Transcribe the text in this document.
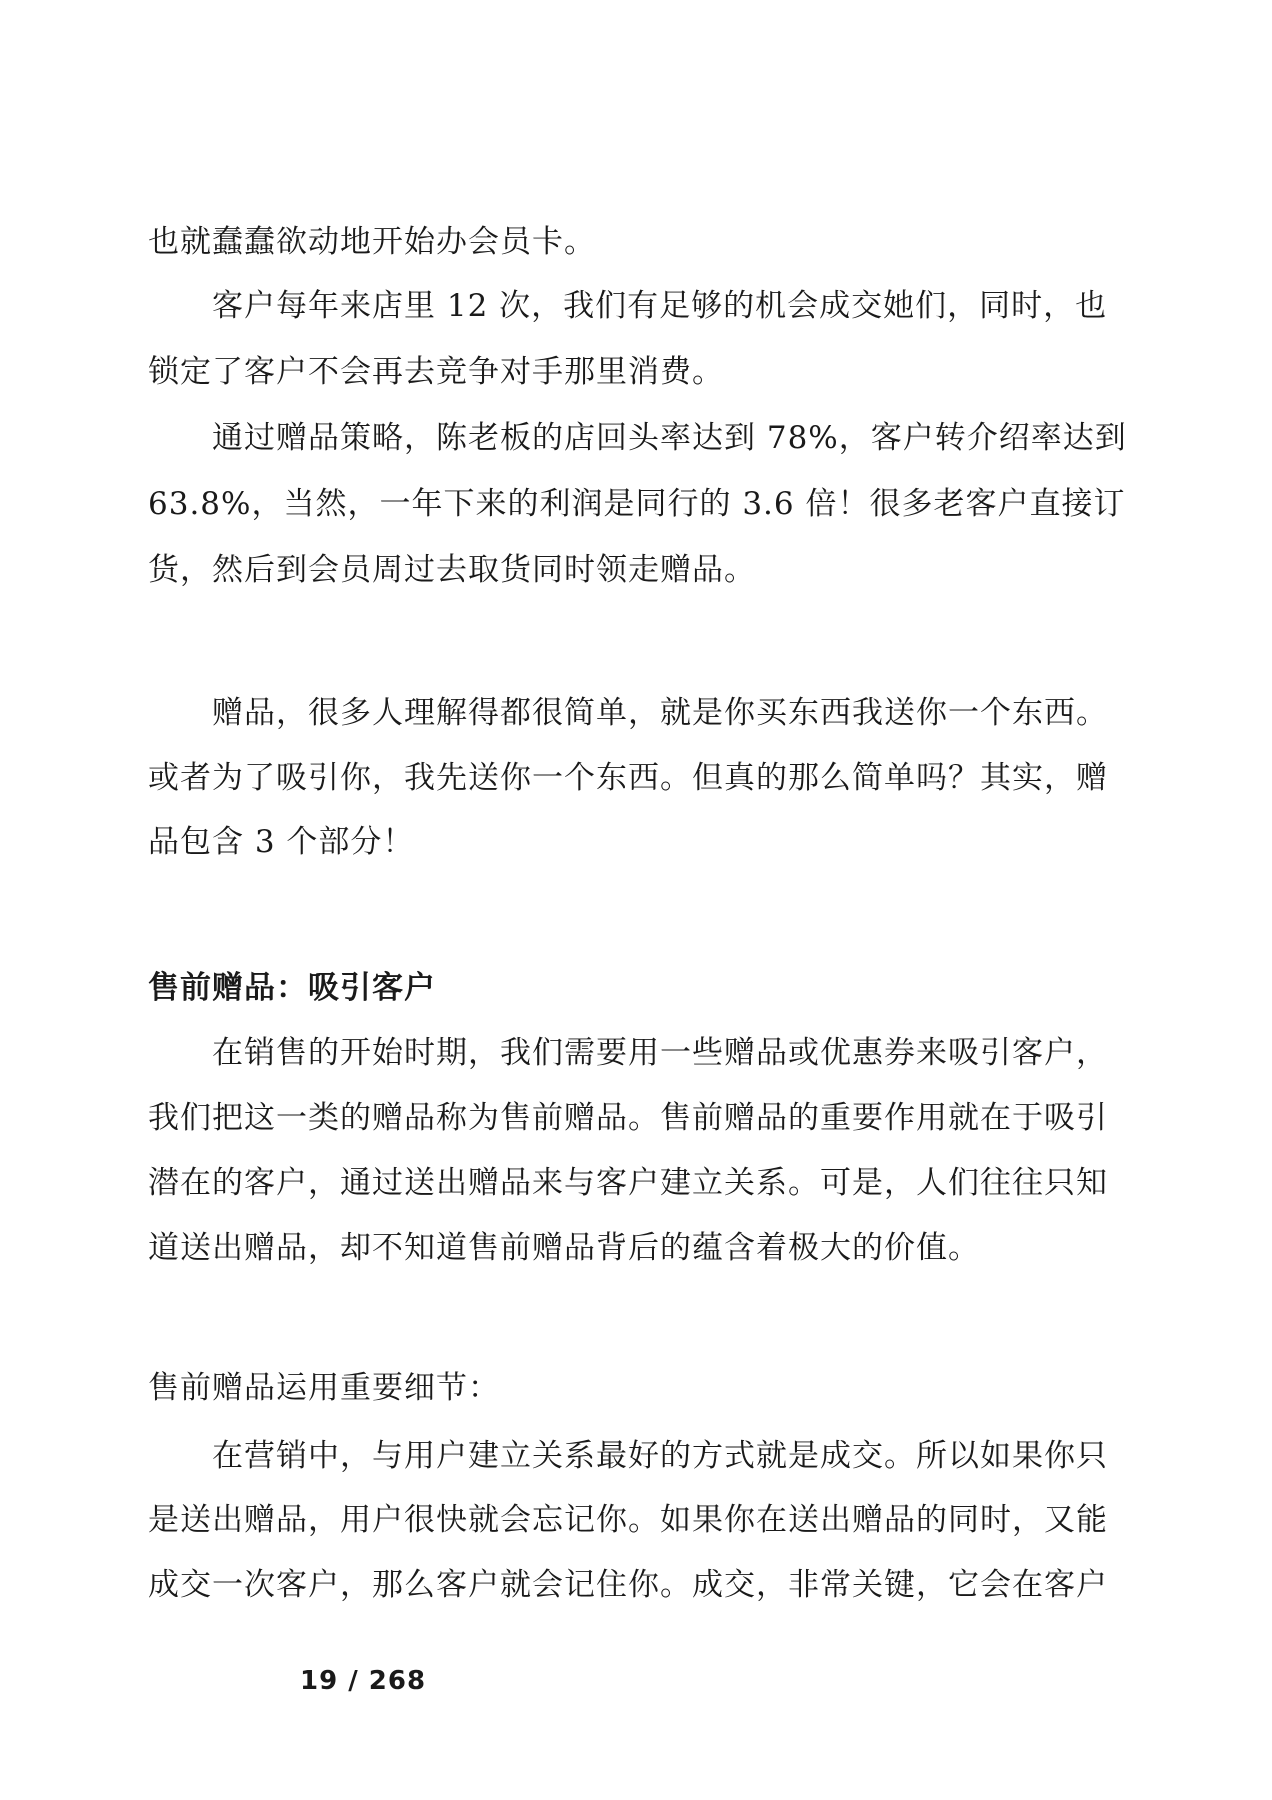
也就蠢蠢欲动地开始办会员卡。
客户每年来店里 12 次，我们有足够的机会成交她们，同时，也
锁定了客户不会再去竞争对手那里消费。
通过赠品策略，陈老板的店回头率达到 78%，客户转介绍率达到
63.8%，当然，一年下来的利润是同行的 3.6 倍！很多老客户直接订
货，然后到会员周过去取货同时领走赠品。
赠品，很多人理解得都很简单，就是你买东西我送你一个东西。
或者为了吸引你，我先送你一个东西。但真的那么简单吗？其实，赠
品包含 3 个部分！
售前赠品：吸引客户
在销售的开始时期，我们需要用一些赠品或优惠券来吸引客户，
我们把这一类的赠品称为售前赠品。售前赠品的重要作用就在于吸引
潜在的客户，通过送出赠品来与客户建立关系。可是，人们往往只知
道送出赠品，却不知道售前赠品背后的蕴含着极大的价值。
售前赠品运用重要细节：
在营销中，与用户建立关系最好的方式就是成交。所以如果你只
是送出赠品，用户很快就会忘记你。如果你在送出赠品的同时，又能
成交一次客户，那么客户就会记住你。成交，非常关键，它会在客户
19 / 268
